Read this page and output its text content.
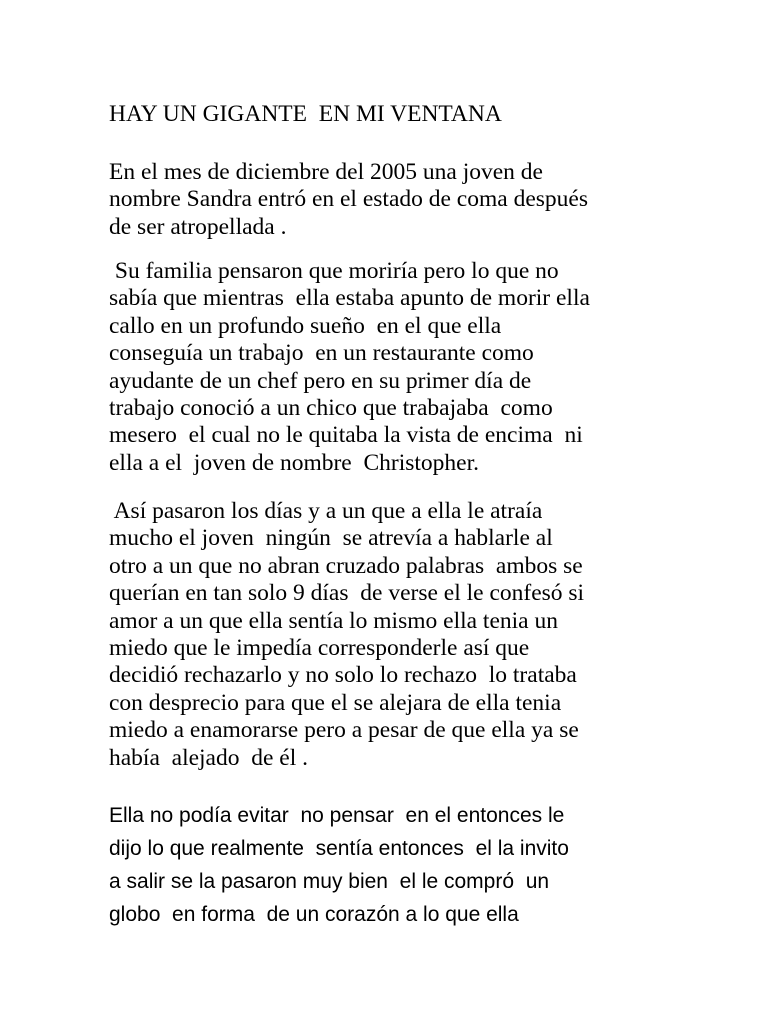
HAY UN GIGANTE  EN MI VENTANA
En el mes de diciembre del 2005 una joven de
nombre Sandra entró en el estado de coma después
de ser atropellada .
Su familia pensaron que moriría pero lo que no
sabía que mientras  ella estaba apunto de morir ella
callo en un profundo sueño  en el que ella
conseguía un trabajo  en un restaurante como
ayudante de un chef pero en su primer día de
trabajo conoció a un chico que trabajaba  como
mesero  el cual no le quitaba la vista de encima  ni
ella a el  joven de nombre  Christopher.
Así pasaron los días y a un que a ella le atraía
mucho el joven  ningún  se atrevía a hablarle al
otro a un que no abran cruzado palabras  ambos se
querían en tan solo 9 días  de verse el le confesó si
amor a un que ella sentía lo mismo ella tenia un
miedo que le impedía corresponderle así que
decidió rechazarlo y no solo lo rechazo  lo trataba
con desprecio para que el se alejara de ella tenia
miedo a enamorarse pero a pesar de que ella ya se
había  alejado  de él .
Ella no podía evitar  no pensar  en el entonces le
dijo lo que realmente  sentía entonces  el la invito
a salir se la pasaron muy bien  el le compró  un
globo  en forma  de un corazón a lo que ella
